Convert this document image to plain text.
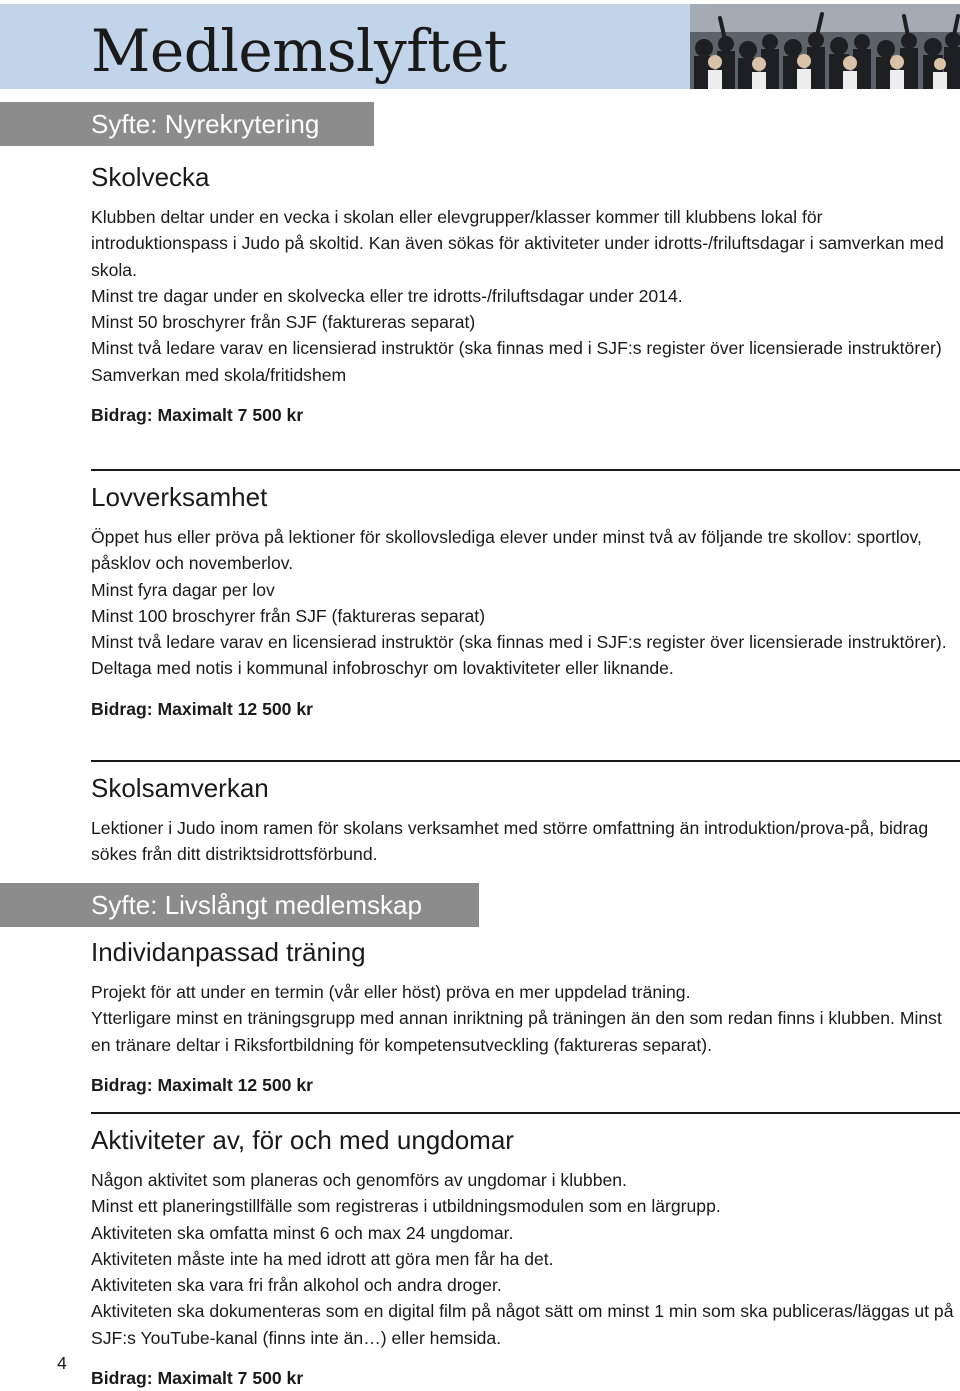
Medlemslyftet
Syfte: Nyrekrytering
Skolvecka

Klubben deltar under en vecka i skolan eller elevgrupper/klasser kommer till klubbens lokal för introduktionspass i Judo på skoltid. Kan även sökas för aktiviteter under idrotts-/friluftsdagar i samverkan med skola.

Minst tre dagar under en skolvecka eller tre idrotts-/friluftsdagar under 2014.

Minst 50 broschyrer från SJF (faktureras separat)

Minst två ledare varav en licensierad instruktör (ska finnas med i SJF:s register över licensierade instruktörer)

Samverkan med skola/fritidshem

Bidrag: Maximalt 7 500 kr

Lovverksamhet

Öppet hus eller pröva på lektioner för skollovslediga elever under minst två av följande tre skollov: sportlov, påsklov och novemberlov.

Minst fyra dagar per lov

Minst 100 broschyrer från SJF (faktureras separat)

Minst två ledare varav en licensierad instruktör (ska finnas med i SJF:s register över licensierade instruktörer).

Deltaga med notis i kommunal infobroschyr om lovaktiviteter eller liknande.

Bidrag: Maximalt 12 500 kr

Skolsamverkan

Lektioner i Judo inom ramen för skolans verksamhet med större omfattning än introduktion/prova-på, bidrag sökes från ditt distriktsidrottsförbund.

Syfte: Livslångt medlemskap
Individanpassad träning

Projekt för att under en termin (vår eller höst) pröva en mer uppdelad träning.

Ytterligare minst en träningsgrupp med annan inriktning på träningen än den som redan finns i klubben. Minst en tränare deltar i Riksfortbildning för kompetensutveckling (faktureras separat).

Bidrag: Maximalt 12 500 kr

Aktiviteter av, för och med ungdomar

Någon aktivitet som planeras och genomförs av ungdomar i klubben.

Minst ett planeringstillfälle som registreras i utbildningsmodulen som en lärgrupp.

Aktiviteten ska omfatta minst 6 och max 24 ungdomar.

Aktiviteten måste inte ha med idrott att göra men får ha det.

Aktiviteten ska vara fri från alkohol och andra droger.

Aktiviteten ska dokumenteras som en digital film på något sätt om minst 1 min som ska publiceras/läggas ut på SJF:s YouTube-kanal (finns inte än…) eller hemsida.

Bidrag: Maximalt 7 500 kr

4
